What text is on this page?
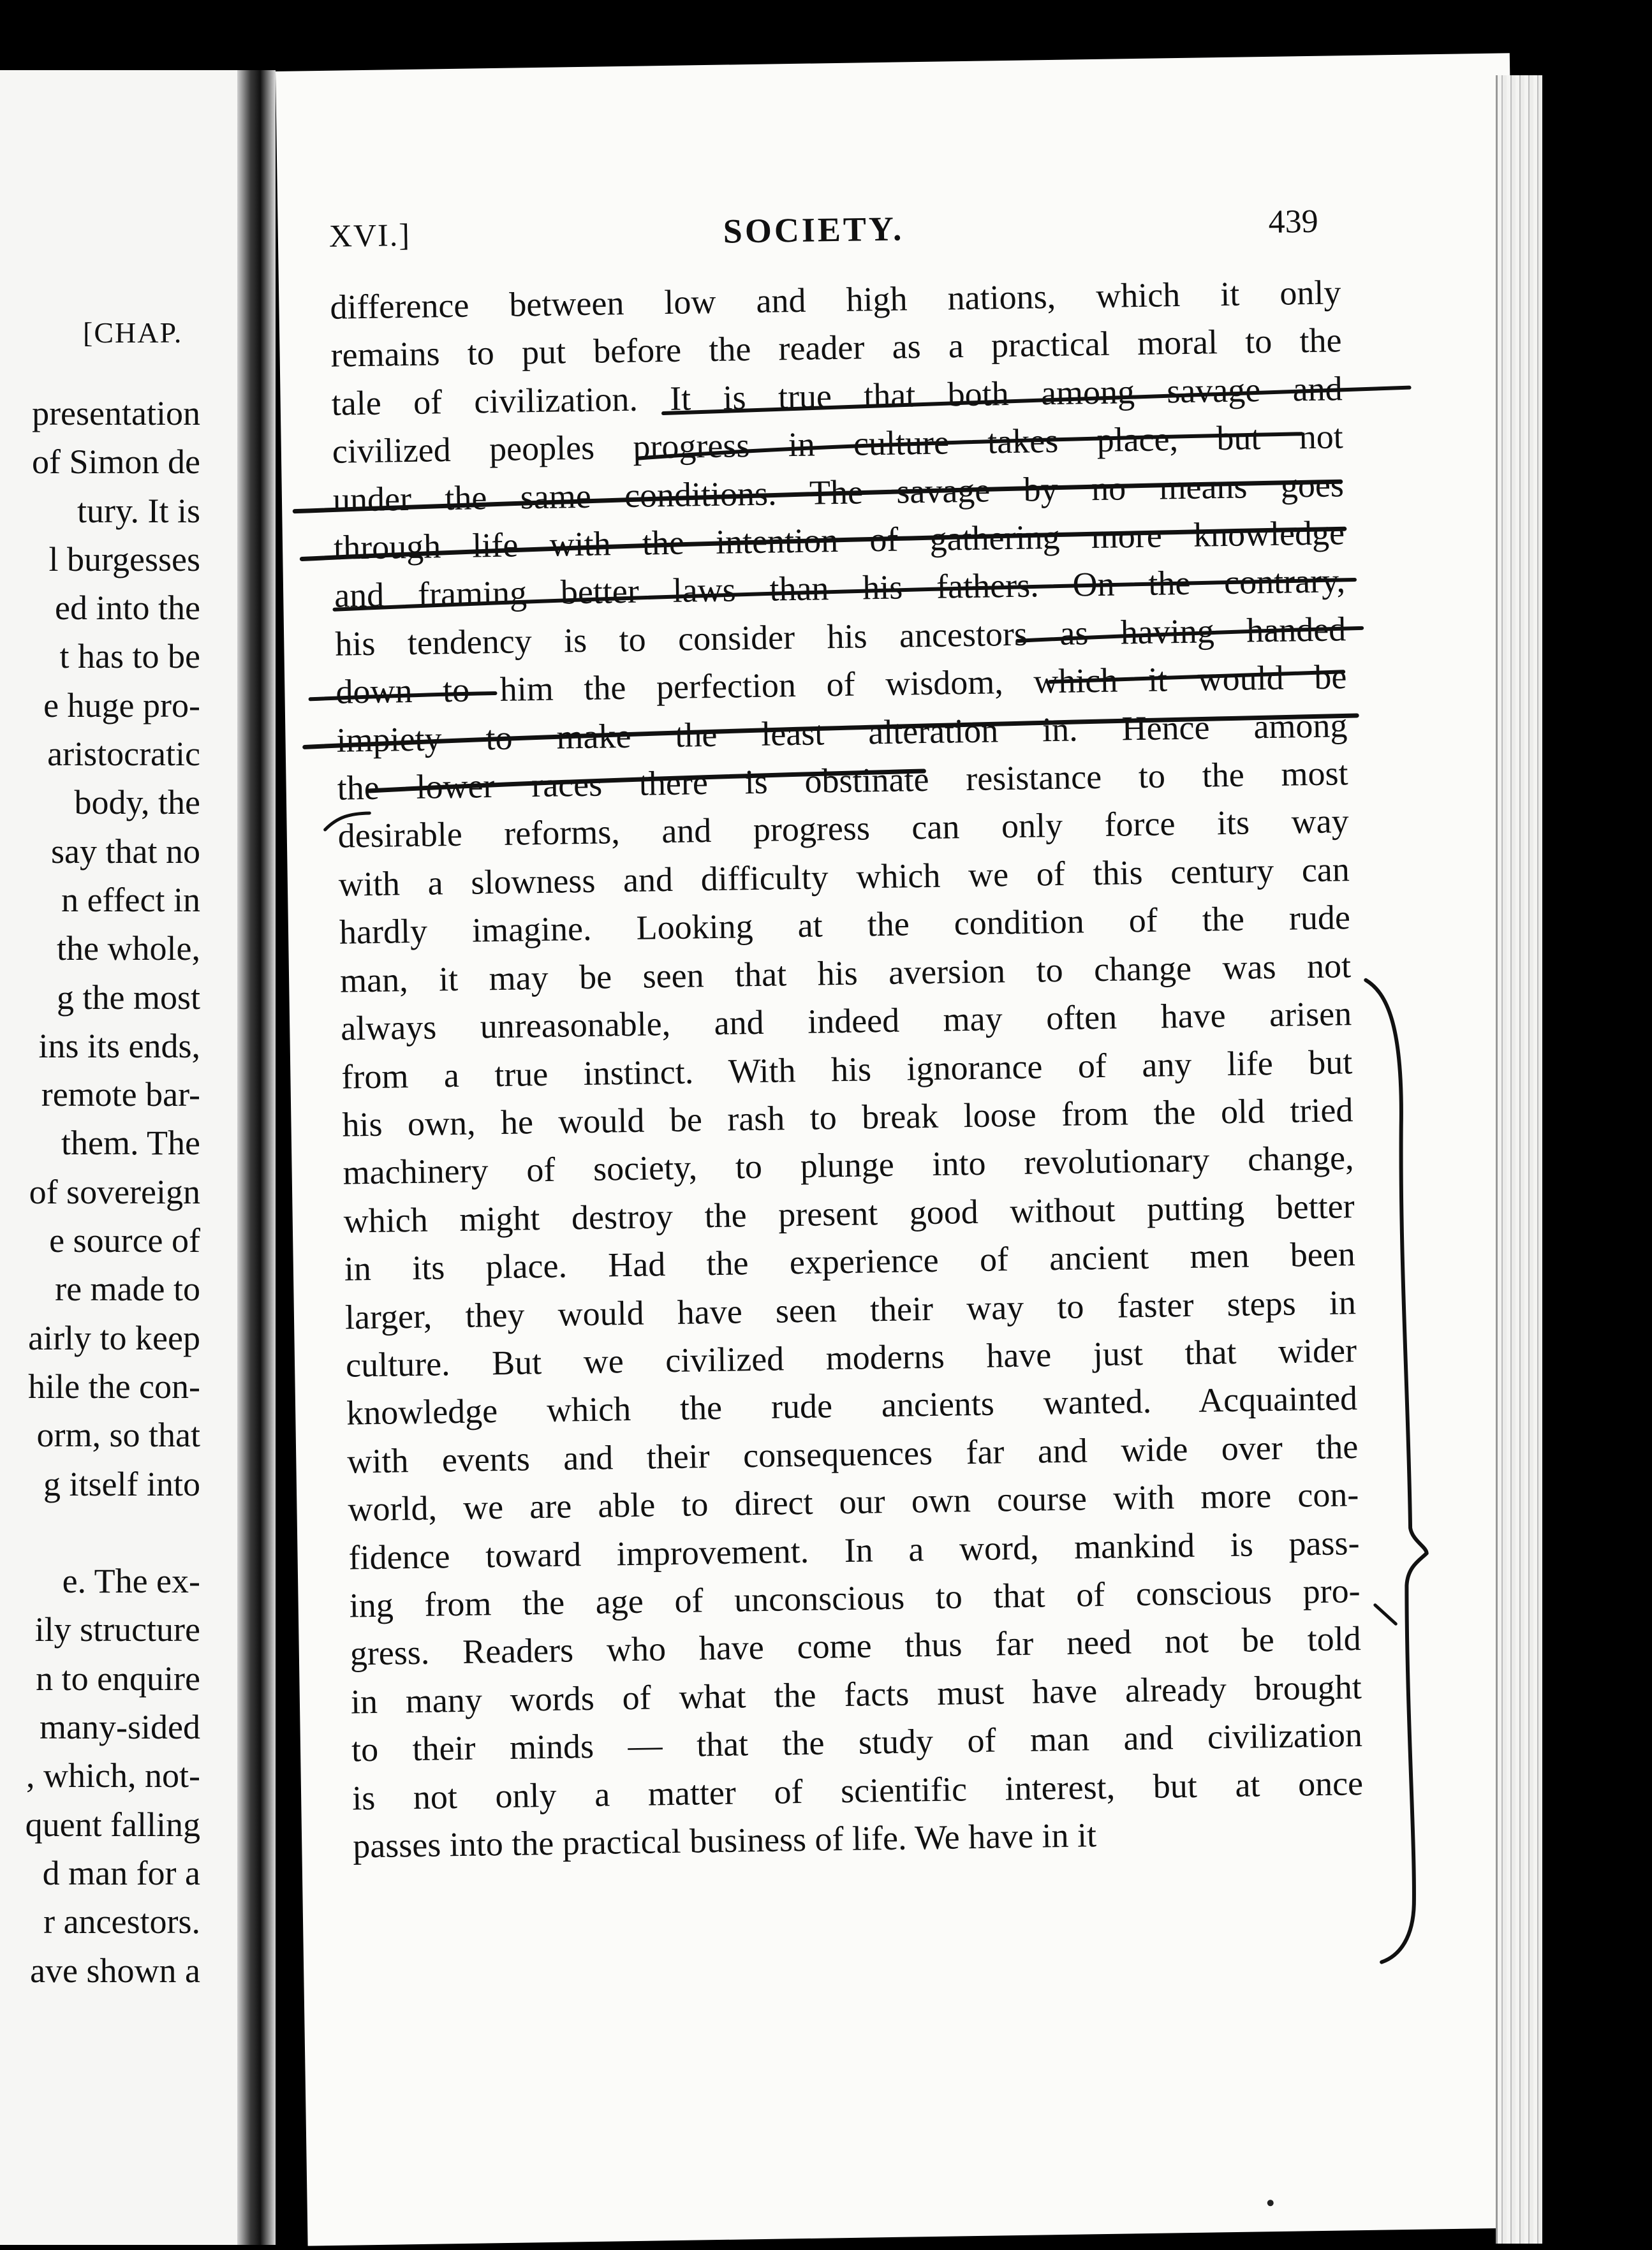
[CHAP.
presentation
of Simon de
tury. It is
l burgesses
ed into the
t has to be
e huge pro-
aristocratic
body, the
say that no
n effect in
the whole,
g the most
ins its ends,
remote bar-
them. The
of sovereign
e source of
re made to
airly to keep
hile the con-
orm, so that
g itself into

e. The ex-
ily structure
n to enquire
many-sided
, which, not-
quent falling
d man for a
r ancestors.
ave shown a
XVI.]	SOCIETY.	439
difference between low and high nations, which it only
remains to put before the reader as a practical moral to the
tale of civilization. It is true that both among savage and
civilized peoples progress in culture takes place, but not
under the same conditions. The savage by no means goes
through life with the intention of gathering more knowledge
and framing better laws than his fathers. On the contrary,
his tendency is to consider his ancestors as having handed
down to him the perfection of wisdom, which it would be
impiety to make the least alteration in. Hence among
the lower races there is obstinate resistance to the most
desirable reforms, and progress can only force its way
with a slowness and difficulty which we of this century can
hardly imagine. Looking at the condition of the rude
man, it may be seen that his aversion to change was not
always unreasonable, and indeed may often have arisen
from a true instinct. With his ignorance of any life but
his own, he would be rash to break loose from the old tried
machinery of society, to plunge into revolutionary change,
which might destroy the present good without putting better
in its place. Had the experience of ancient men been
larger, they would have seen their way to faster steps in
culture. But we civilized moderns have just that wider
knowledge which the rude ancients wanted. Acquainted
with events and their consequences far and wide over the
world, we are able to direct our own course with more con-
fidence toward improvement. In a word, mankind is pass-
ing from the age of unconscious to that of conscious pro-
gress. Readers who have come thus far need not be told
in many words of what the facts must have already brought
to their minds — that the study of man and civilization
is not only a matter of scientific interest, but at once
passes into the practical business of life. We have in it
